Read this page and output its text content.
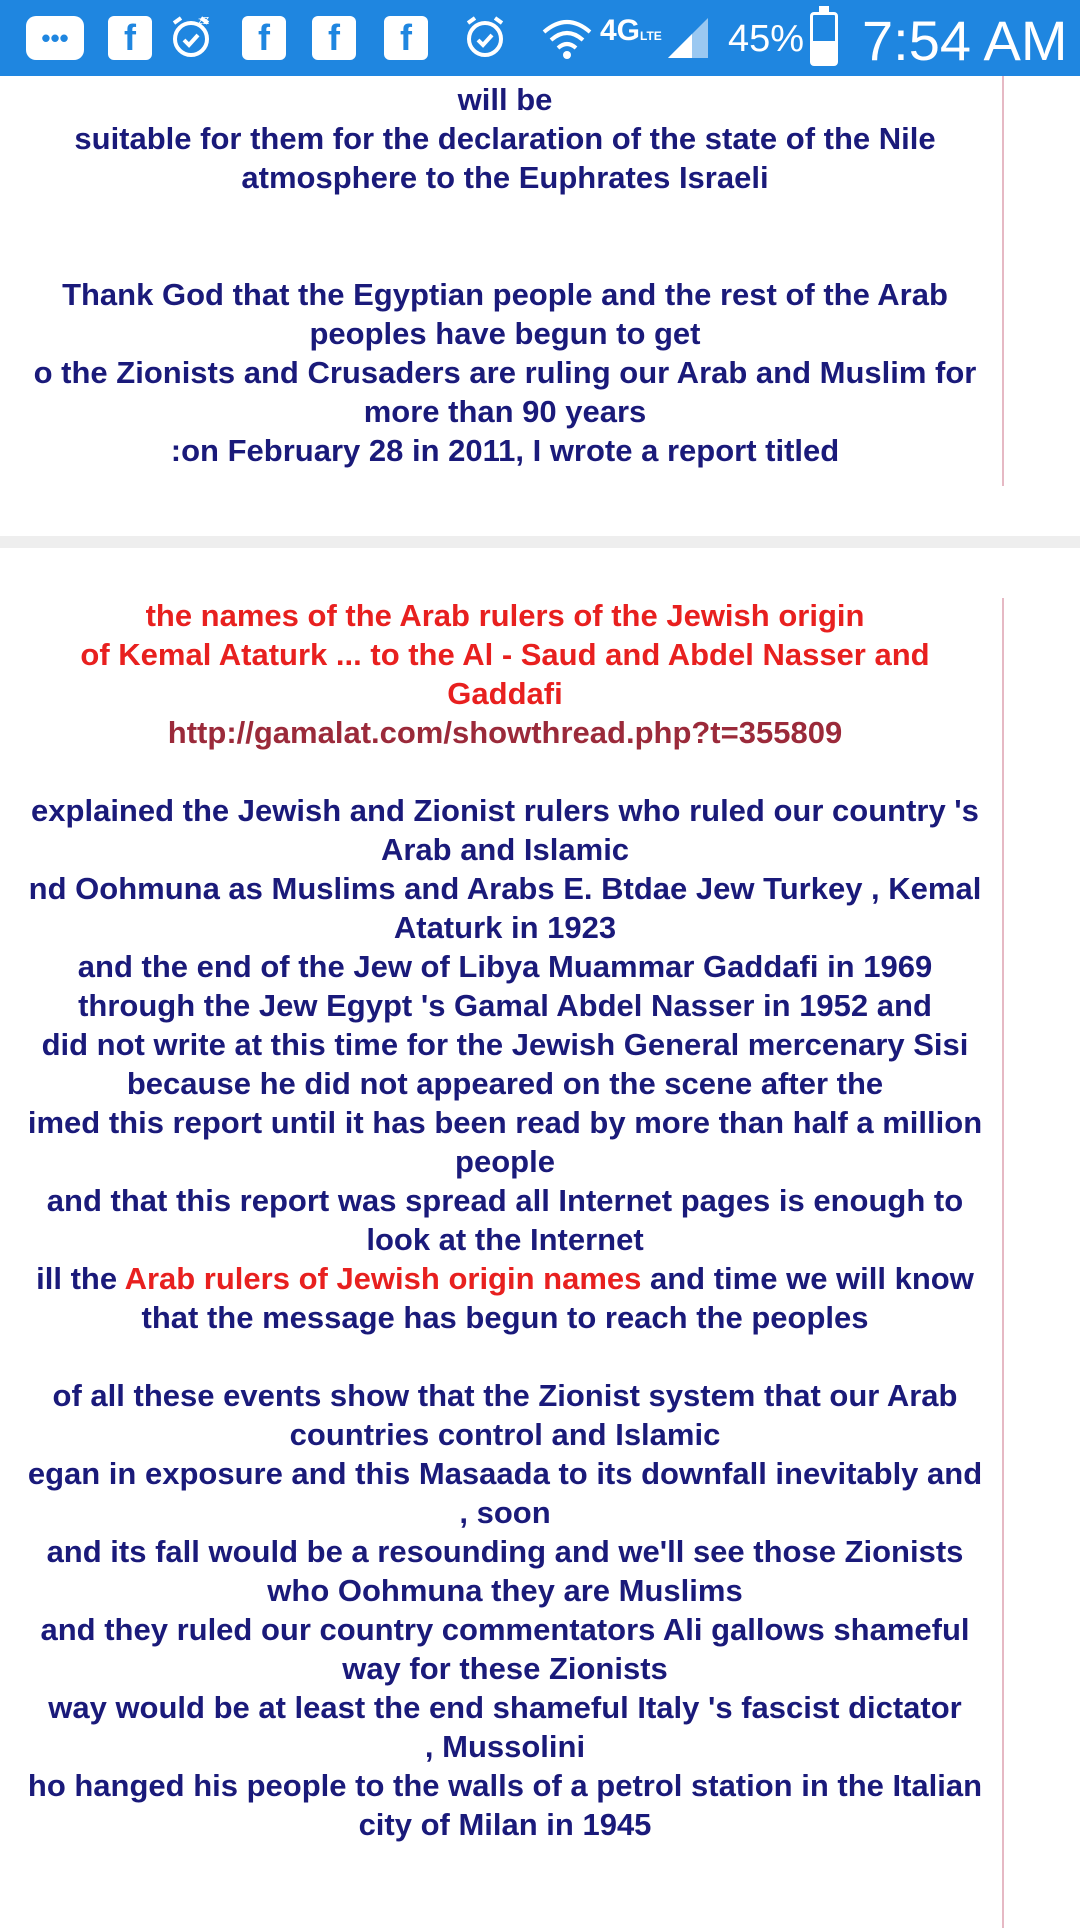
•••	f	zZ	f	f	f	4GLTE 45% 7:54 AM
will be
suitable for them for the declaration of the state of the Nile
atmosphere to the Euphrates Israeli
Thank God that the Egyptian people and the rest of the Arab
peoples have begun to get
o the Zionists and Crusaders are ruling our Arab and Muslim for
more than 90 years
:on February 28 in 2011, I wrote a report titled
the names of the Arab rulers of the Jewish origin
of Kemal Ataturk ... to the Al - Saud and Abdel Nasser and
Gaddafi
http://gamalat.com/showthread.php?t=355809
explained the Jewish and Zionist rulers who ruled our country 's
Arab and Islamic
nd Oohmuna as Muslims and Arabs E. Btdae Jew Turkey , Kemal
Ataturk in 1923
and the end of the Jew of Libya Muammar Gaddafi in 1969
through the Jew Egypt 's Gamal Abdel Nasser in 1952 and
did not write at this time for the Jewish General mercenary Sisi
because he did not appeared on the scene after the
imed this report until it has been read by more than half a million
people
and that this report was spread all Internet pages is enough to
look at the Internet
ill the Arab rulers of Jewish origin names and time we will know
that the message has begun to reach the peoples
of all these events show that the Zionist system that our Arab
countries control and Islamic
egan in exposure and this Masaada to its downfall inevitably and
, soon
and its fall would be a resounding and we'll see those Zionists
who Oohmuna they are Muslims
and they ruled our country commentators Ali gallows shameful
way for these Zionists
way would be at least the end shameful Italy 's fascist dictator
, Mussolini
ho hanged his people to the walls of a petrol station in the Italian
city of Milan in 1945
